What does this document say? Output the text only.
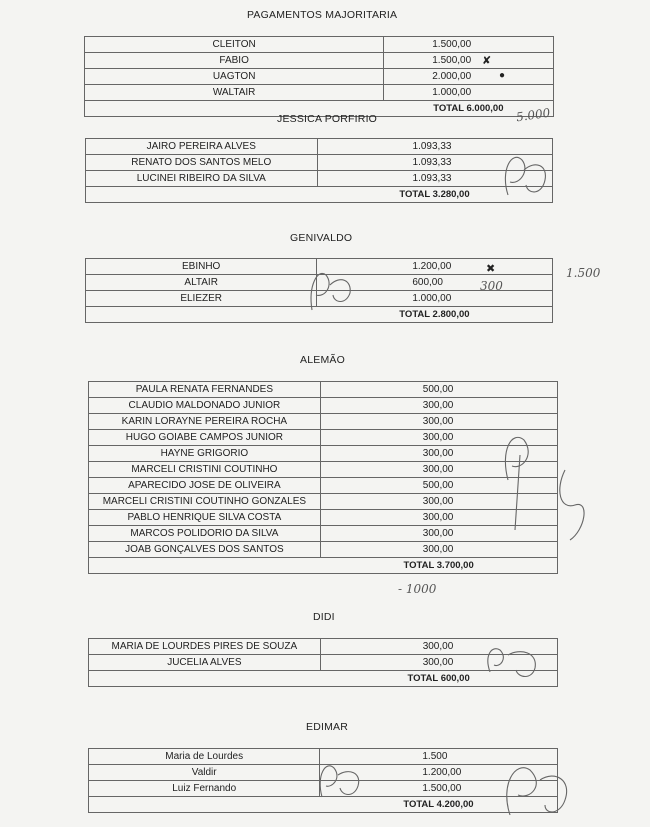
PAGAMENTOS MAJORITARIA
CLEITON	1.500,00
FABIO	1.500,00
UAGTON	2.000,00
WALTAIR	1.000,00
	TOTAL 6.000,00
JESSICA PORFIRIO
JAIRO PEREIRA ALVES	1.093,33
RENATO DOS SANTOS MELO	1.093,33
LUCINEI RIBEIRO DA SILVA	1.093,33
	TOTAL 3.280,00
GENIVALDO
EBINHO	1.200,00
ALTAIR	600,00
ELIEZER	1.000,00
	TOTAL 2.800,00
ALEMÃO
PAULA RENATA FERNANDES	500,00
CLAUDIO MALDONADO JUNIOR	300,00
KARIN LORAYNE PEREIRA ROCHA	300,00
HUGO GOIABE CAMPOS JUNIOR	300,00
HAYNE GRIGORIO	300,00
MARCELI CRISTINI COUTINHO	300,00
APARECIDO JOSE DE OLIVEIRA	500,00
MARCELI CRISTINI COUTINHO GONZALES	300,00
PABLO HENRIQUE SILVA COSTA	300,00
MARCOS POLIDORIO DA SILVA	300,00
JOAB GONÇALVES DOS SANTOS	300,00
	TOTAL 3.700,00
DIDI
MARIA DE LOURDES PIRES DE SOUZA	300,00
JUCELIA ALVES	300,00
	TOTAL 600,00
EDIMAR
Maria de Lourdes	1.500
Valdir	1.200,00
Luiz Fernando	1.500,00
	TOTAL 4.200,00
✘
●
5.000
✖
300
1.500
- 1000
